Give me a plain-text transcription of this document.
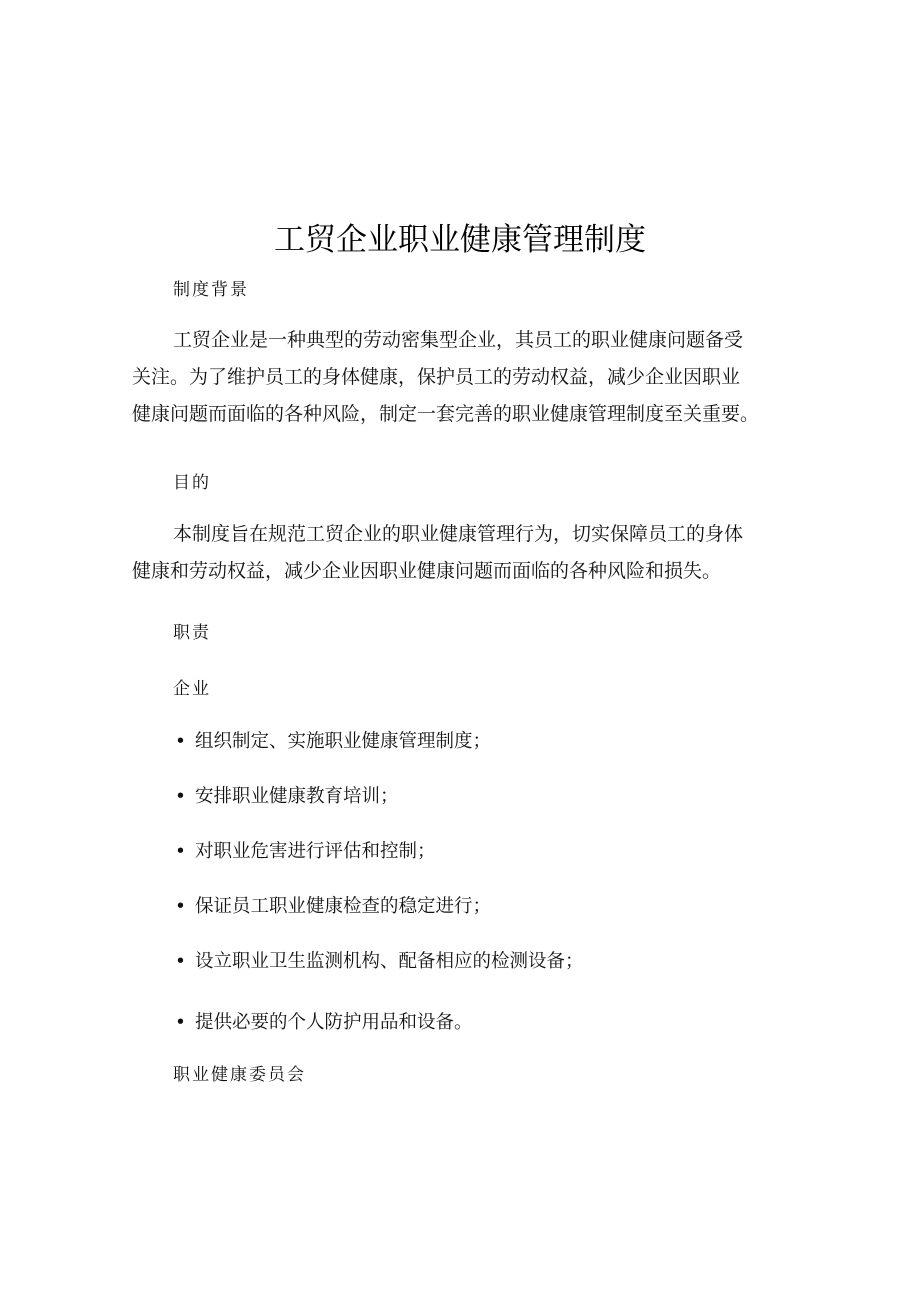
工贸企业职业健康管理制度
制度背景
工贸企业是一种典型的劳动密集型企业，其员工的职业健康问题备受
关注。为了维护员工的身体健康，保护员工的劳动权益，减少企业因职业
健康问题而面临的各种风险，制定一套完善的职业健康管理制度至关重要。
目的
本制度旨在规范工贸企业的职业健康管理行为，切实保障员工的身体
健康和劳动权益，减少企业因职业健康问题而面临的各种风险和损失。
职责
企业
• 组织制定、实施职业健康管理制度；
• 安排职业健康教育培训；
• 对职业危害进行评估和控制；
• 保证员工职业健康检查的稳定进行；
• 设立职业卫生监测机构、配备相应的检测设备；
• 提供必要的个人防护用品和设备。
职业健康委员会
